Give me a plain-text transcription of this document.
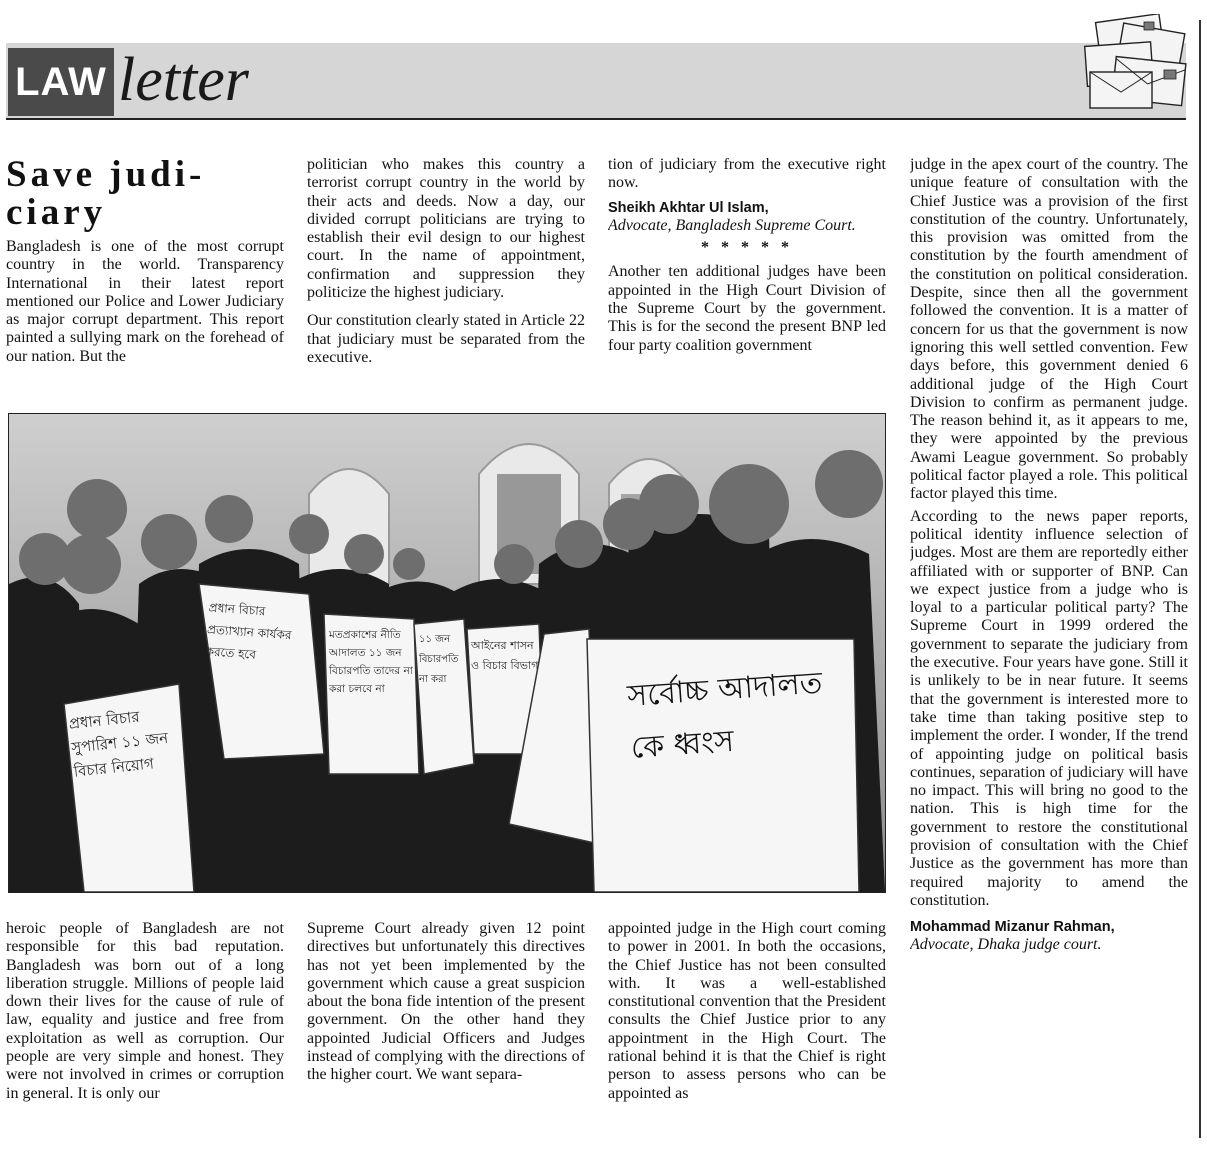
LAW letter
Save judi- ciary

Bangladesh is one of the most corrupt country in the world. Transparency International in their latest report mentioned our Police and Lower Judiciary as major corrupt department. This report painted a sullying mark on the forehead of our nation. But the

politician who makes this country a terrorist corrupt country in the world by their acts and deeds. Now a day, our divided corrupt politicians are trying to establish their evil design to our highest court. In the name of appointment, confirmation and suppression they politicize the highest judiciary.

Our constitution clearly stated in Article 22 that judiciary must be separated from the executive.

tion of judiciary from the executive right now.

Sheikh Akhtar Ul Islam,
Advocate, Bangladesh Supreme Court.
* * * * *

Another ten additional judges have been appointed in the High Court Division of the Supreme Court by the government. This is for the second the present BNP led four party coalition government

judge in the apex court of the country. The unique feature of consultation with the Chief Justice was a provision of the first constitution of the country. Unfortunately, this provision was omitted from the constitution by the fourth amendment of the constitution on political consideration. Despite, since then all the government followed the convention. It is a matter of concern for us that the government is now ignoring this well settled convention. Few days before, this government denied 6 additional judge of the High Court Division to confirm as permanent judge. The reason behind it, as it appears to me, they were appointed by the previous Awami League government. So probably political factor played a role. This political factor played this time.

According to the news paper reports, political identity influence selection of judges. Most are them are reportedly either affiliated with or supporter of BNP. Can we expect justice from a judge who is loyal to a particular political party? The Supreme Court in 1999 ordered the government to separate the judiciary from the executive. Four years have gone. Still it is unlikely to be in near future. It seems that the government is interested more to take time than taking positive step to implement the order. I wonder, If the trend of appointing judge on political basis continues, separation of judiciary will have no impact. This will bring no good to the nation. This is high time for the government to restore the constitutional provision of consultation with the Chief Justice as the government has more than required majority to amend the constitution.

Mohammad Mizanur Rahman,
Advocate, Dhaka judge court.
প্রধান বিচার সুপারিশ ১১ জন বিচার নিয়োগ
প্রধান বিচার প্রত্যাখ্যান কার্যকর করতে হবে
মতপ্রকাশের নীতি আদালত ১১ জন বিচারপতি তাদের না করা চলবে না
১১ জন বিচারপতি না করা
আইনের শাসন ও বিচার বিভাগ	সর্বোচ্চ আদালত কে ধ্বংস

heroic people of Bangladesh are not responsible for this bad reputation. Bangladesh was born out of a long liberation struggle. Millions of people laid down their lives for the cause of rule of law, equality and justice and free from exploitation as well as corruption. Our people are very simple and honest. They were not involved in crimes or corruption in general. It is only our

Supreme Court already given 12 point directives but unfortunately this directives has not yet been implemented by the government which cause a great suspicion about the bona fide intention of the present government. On the other hand they appointed Judicial Officers and Judges instead of complying with the directions of the higher court. We want separa-

appointed judge in the High court coming to power in 2001. In both the occasions, the Chief Justice has not been consulted with. It was a well-established constitutional convention that the President consults the Chief Justice prior to any appointment in the High Court. The rational behind it is that the Chief is right person to assess persons who can be appointed as
